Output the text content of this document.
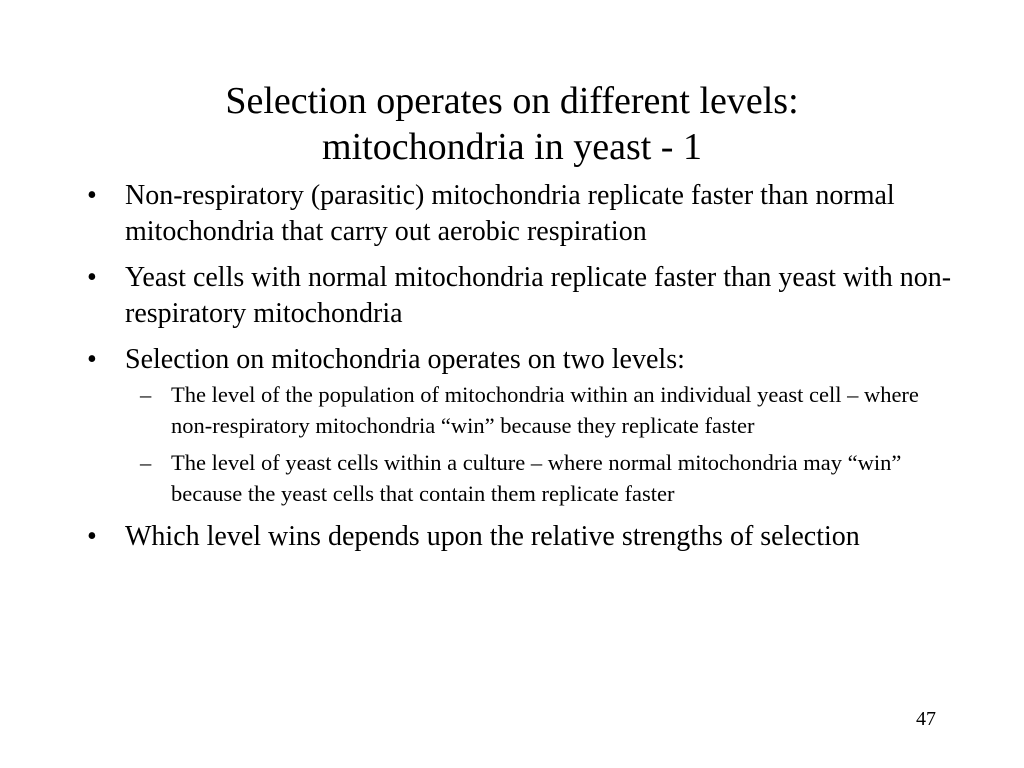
Selection operates on different levels:
mitochondria in yeast - 1
• Non-respiratory (parasitic) mitochondria replicate faster than normal mitochondria that carry out aerobic respiration
• Yeast cells with normal mitochondria replicate faster than yeast with non-respiratory mitochondria
• Selection on mitochondria operates on two levels:
– The level of the population of mitochondria within an individual yeast cell – where non-respiratory mitochondria “win” because they replicate faster
– The level of yeast cells within a culture – where normal mitochondria may “win” because the yeast cells that contain them replicate faster
• Which level wins depends upon the relative strengths of selection
47
